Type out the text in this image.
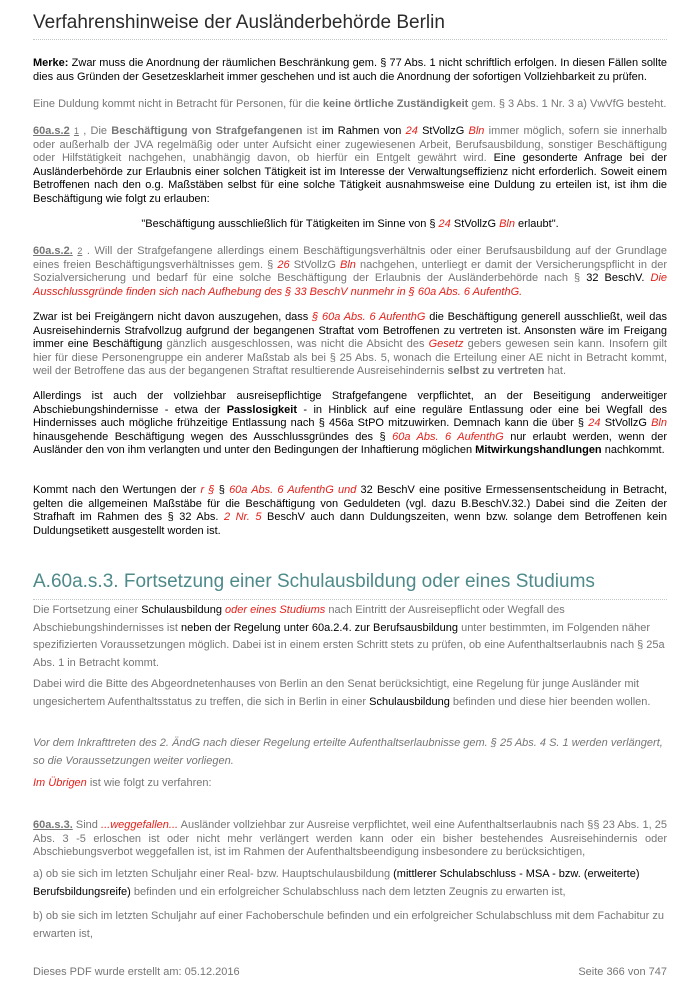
Verfahrenshinweise der Ausländerbehörde Berlin

Merke: Zwar muss die Anordnung der räumlichen Beschränkung gem. § 77 Abs. 1 nicht schriftlich erfolgen. In diesen Fällen sollte dies aus Gründen der Gesetzesklarheit immer geschehen und ist auch die Anordnung der sofortigen Vollziehbarkeit zu prüfen.

Eine Duldung kommt nicht in Betracht für Personen, für die keine örtliche Zuständigkeit gem. § 3 Abs. 1 Nr. 3 a) VwVfG besteht.

60a.s.2 1 , Die Beschäftigung von Strafgefangenen ist im Rahmen von 24 StVollzG Bln immer möglich, sofern sie innerhalb oder außerhalb der JVA regelmäßig oder unter Aufsicht einer zugewiesenen Arbeit, Berufsausbildung, sonstiger Beschäftigung oder Hilfstätigkeit nachgehen, unabhängig davon, ob hierfür ein Entgelt gewährt wird. Eine gesonderte Anfrage bei der Ausländerbehörde zur Erlaubnis einer solchen Tätigkeit ist im Interesse der Verwaltungseffizienz nicht erforderlich. Soweit einem Betroffenen nach den o.g. Maßstäben selbst für eine solche Tätigkeit ausnahmsweise eine Duldung zu erteilen ist, ist ihm die Beschäftigung wie folgt zu erlauben:

"Beschäftigung ausschließlich für Tätigkeiten im Sinne von § 24 StVollzG Bln erlaubt".

60a.s.2. 2 . Will der Strafgefangene allerdings einem Beschäftigungsverhältnis oder einer Berufsausbildung auf der Grundlage eines freien Beschäftigungsverhältnisses gem. § 26 StVollzG Bln nachgehen, unterliegt er damit der Versicherungspflicht in der Sozialversicherung und bedarf für eine solche Beschäftigung der Erlaubnis der Ausländerbehörde nach § 32 BeschV. Die Ausschlussgründe finden sich nach Aufhebung des § 33 BeschV nunmehr in § 60a Abs. 6 AufenthG.

Zwar ist bei Freigängern nicht davon auszugehen, dass § 60a Abs. 6 AufenthG die Beschäftigung generell ausschließt, weil das Ausreisehindernis Strafvollzug aufgrund der begangenen Straftat vom Betroffenen zu vertreten ist. Ansonsten wäre im Freigang immer eine Beschäftigung gänzlich ausgeschlossen, was nicht die Absicht des Gesetz gebers gewesen sein kann. Insofern gilt hier für diese Personengruppe ein anderer Maßstab als bei § 25 Abs. 5, wonach die Erteilung einer AE nicht in Betracht kommt, weil der Betroffene das aus der begangenen Straftat resultierende Ausreisehindernis selbst zu vertreten hat.

Allerdings ist auch der vollziehbar ausreisepflichtige Strafgefangene verpflichtet, an der Beseitigung anderweitiger Abschiebungshindernisse - etwa der Passlosigkeit - in Hinblick auf eine reguläre Entlassung oder eine bei Wegfall des Hindernisses auch mögliche frühzeitige Entlassung nach § 456a StPO mitzuwirken. Demnach kann die über § 24 StVollzG Bln hinausgehende Beschäftigung wegen des Ausschlussgründes des § 60a Abs. 6 AufenthG nur erlaubt werden, wenn der Ausländer den von ihm verlangten und unter den Bedingungen der Inhaftierung möglichen Mitwirkungshandlungen nachkommt.

Kommt nach den Wertungen der r § § 60a Abs. 6 AufenthG und 32 BeschV eine positive Ermessensentscheidung in Betracht, gelten die allgemeinen Maßstäbe für die Beschäftigung von Geduldeten (vgl. dazu B.BeschV.32.) Dabei sind die Zeiten der Strafhaft im Rahmen des § 32 Abs. 2 Nr. 5 BeschV auch dann Duldungszeiten, wenn bzw. solange dem Betroffenen kein Duldungsetikett ausgestellt worden ist.

A.60a.s.3. Fortsetzung einer Schulausbildung oder eines Studiums

Die Fortsetzung einer Schulausbildung oder eines Studiums nach Eintritt der Ausreisepflicht oder Wegfall des Abschiebungshindernisses ist neben der Regelung unter 60a.2.4. zur Berufsausbildung unter bestimmten, im Folgenden näher spezifizierten Voraussetzungen möglich. Dabei ist in einem ersten Schritt stets zu prüfen, ob eine Aufenthaltserlaubnis nach § 25a Abs. 1 in Betracht kommt.

Dabei wird die Bitte des Abgeordnetenhauses von Berlin an den Senat berücksichtigt, eine Regelung für junge Ausländer mit ungesichertem Aufenthaltsstatus zu treffen, die sich in Berlin in einer Schulausbildung befinden und diese hier beenden wollen.

Vor dem Inkrafttreten des 2. ÄndG nach dieser Regelung erteilte Aufenthaltserlaubnisse gem. § 25 Abs. 4 S. 1 werden verlängert, so die Voraussetzungen weiter vorliegen.

Im Übrigen ist wie folgt zu verfahren:

60a.s.3. Sind ...weggefallen... Ausländer vollziehbar zur Ausreise verpflichtet, weil eine Aufenthaltserlaubnis nach §§ 23 Abs. 1, 25 Abs. 3 -5 erloschen ist oder nicht mehr verlängert werden kann oder ein bisher bestehendes Ausreisehindernis oder Abschiebungsverbot weggefallen ist, ist im Rahmen der Aufenthaltsbeendigung insbesondere zu berücksichtigen,

a) ob sie sich im letzten Schuljahr einer Real- bzw. Hauptschulausbildung (mittlerer Schulabschluss - MSA - bzw. (erweiterte) Berufsbildungsreife) befinden und ein erfolgreicher Schulabschluss nach dem letzten Zeugnis zu erwarten ist,

b) ob sie sich im letzten Schuljahr auf einer Fachoberschule befinden und ein erfolgreicher Schulabschluss mit dem Fachabitur zu erwarten ist,

Dieses PDF wurde erstellt am: 05.12.2016	Seite 366 von 747
